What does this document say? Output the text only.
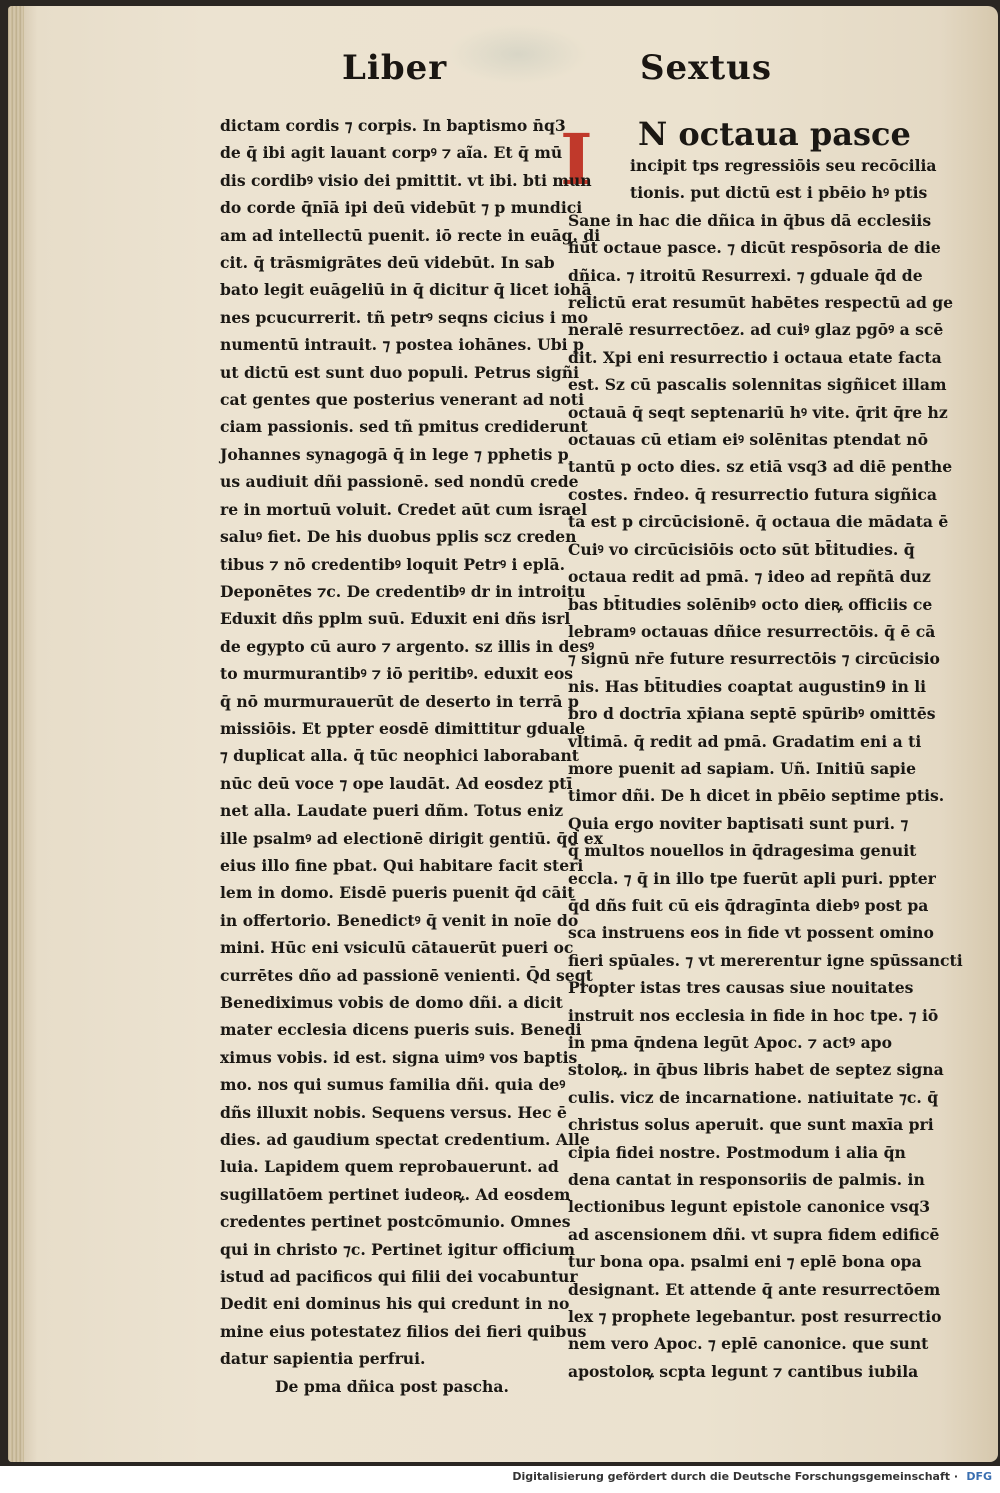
Liber	Sextus
I
dictam cordis ⁊ corpis. In baptismo n̄q3
de q̄ ibi agit lauant corpꝰ ⁊ aĩa. Et q̄ mū
dis cordibꝰ visio dei pmittit. vt ibi. bti mun
do corde q̄nīā ipi deū videbūt ⁊ p mundici
am ad intellectū puenit. iō recte in euāg. di
cit. q̄ trāsmigrātes deū videbūt. In sab
bato legit euāgeliū in q̄ dicitur q̄ licet iohā
nes pcucurrerit. tñ petrꝰ seqns cicius i mo
numentū intrauit. ⁊ postea iohānes. Ubi p
ut dictū est sunt duo populi. Petrus sigñi
cat gentes que posterius venerant ad noti
ciam passionis. sed tñ pmitus crediderunt
Johannes synagogā q̄ in lege ⁊ pphetis p
us audiuit dñi passionē. sed nondū crede
re in mortuū voluit. Credet aūt cum israel
saluꝰ fiet. De his duobus pplis scz creden
tibus ⁊ nō credentibꝰ loquit Petrꝰ i eplā.
Deponētes ⁊c. De credentibꝰ dr in introitu
Eduxit dñs pplm suū. Eduxit eni dñs isrl
de egypto cū auro ⁊ argento. sz illis in desꝰ
to murmurantibꝰ ⁊ iō peritibꝰ. eduxit eos
q̄ nō murmurauerūt de deserto in terrā p
missiōis. Et ppter eosdē dimittitur gduale
⁊ duplicat alla. q̄ tūc neophici laborabant
nūc deū voce ⁊ ope laudāt. Ad eosdez ptī
net alla. Laudate pueri dñm. Totus eniz
ille psalmꝰ ad electionē dirigit gentiū. q̄d ex
eius illo fine pbat. Qui habitare facit steri
lem in domo. Eisdē pueris puenit q̄d cāit
in offertorio. Benedictꝰ q̄ venit in noīe do
mini. Hūc eni vsiculū cātauerūt pueri oc
currētes dño ad passionē venienti. Q̄d seqt
Benediximus vobis de domo dñi. a dicit
mater ecclesia dicens pueris suis. Benedi
ximus vobis. id est. signa uimꝰ vos baptis
mo. nos qui sumus familia dñi. quia deꝰ
dñs illuxit nobis. Sequens versus. Hec ē
dies. ad gaudium spectat credentium. Alle
luia. Lapidem quem reprobauerunt. ad
sugillatōem pertinet iudeoꝶ. Ad eosdem
credentes pertinet postcōmunio. Omnes
qui in christo ⁊c. Pertinet igitur officium
istud ad pacificos qui filii dei vocabuntur
Dedit eni dominus his qui credunt in no
mine eius potestatez filios dei fieri quibus
datur sapientia perfrui.
De pma dñica post pascha.
N octaua pasce
incipit tps regressiōis seu recōcilia
tionis. put dictū est i pbēio hꝰ ptis
Sane in hac die dñica in q̄bus dā ecclesiis
fiūt octaue pasce. ⁊ dicūt respōsoria de die
dñica. ⁊ itroitū Resurrexi. ⁊ gduale q̄d de
relictū erat resumūt habētes respectū ad ge
neralē resurrectōez. ad cuiꝰ glaz pgōꝰ a scē
dit. Xpi eni resurrectio i octaua etate facta
est. Sz cū pascalis solennitas sigñicet illam
octauā q̄ seqt septenariū hꝰ vite. q̄rit q̄re hz
octauas cū etiam eiꝰ solēnitas ptendat nō
tantū p octo dies. sz etiā vsq3 ad diē penthe
costes. r̄ndeo. q̄ resurrectio futura sigñica
ta est p circūcisionē. q̄ octaua die mādata ē
Cuiꝰ vo circūcisiōis octo sūt bt̄itudies. q̄
octaua redit ad pmā. ⁊ ideo ad repñtā duz
bas bt̄itudies solēnibꝰ octo dieꝶ officiis ce
lebramꝰ octauas dñice resurrectōis. q̄ ē cā
⁊ signū nr̄e future resurrectōis ⁊ circūcisio
nis. Has bt̄itudies coaptat augustin9 in li
bro d doctrīa xp̄iana septē spūribꝰ omittēs
vltimā. q̄ redit ad pmā. Gradatim eni a ti
more puenit ad sapiam. Uñ. Initiū sapie
timor dñi. De h dicet in pbēio septime ptis.
Quia ergo noviter baptisati sunt puri. ⁊
q̄ multos nouellos in q̄dragesima genuit
eccla. ⁊ q̄ in illo tpe fuerūt apli puri. ppter
q̄d dñs fuit cū eis q̄dragīnta diebꝰ post pa
sca instruens eos in fide vt possent omino
fieri spūales. ⁊ vt mererentur igne spūssancti
Propter istas tres causas siue nouitates
instruit nos ecclesia in fide in hoc tpe. ⁊ iō
in pma q̄ndena legūt Apoc. ⁊ actꝰ apo
stoloꝶ. in q̄bus libris habet de septez signa
culis. vicz de incarnatione. natiuitate ⁊c. q̄
christus solus aperuit. que sunt maxīa pri
cipia fidei nostre. Postmodum i alia q̄n
dena cantat in responsoriis de palmis. in
lectionibus legunt epistole canonice vsq3
ad ascensionem dñi. vt supra fidem edificē
tur bona opa. psalmi eni ⁊ eplē bona opa
designant. Et attende q̄ ante resurrectōem
lex ⁊ prophete legebantur. post resurrectio
nem vero Apoc. ⁊ eplē canonice. que sunt
apostoloꝶ scpta legunt ⁊ cantibus iubila
Digitalisierung gefördert durch die Deutsche Forschungsgemeinschaft · DFG
